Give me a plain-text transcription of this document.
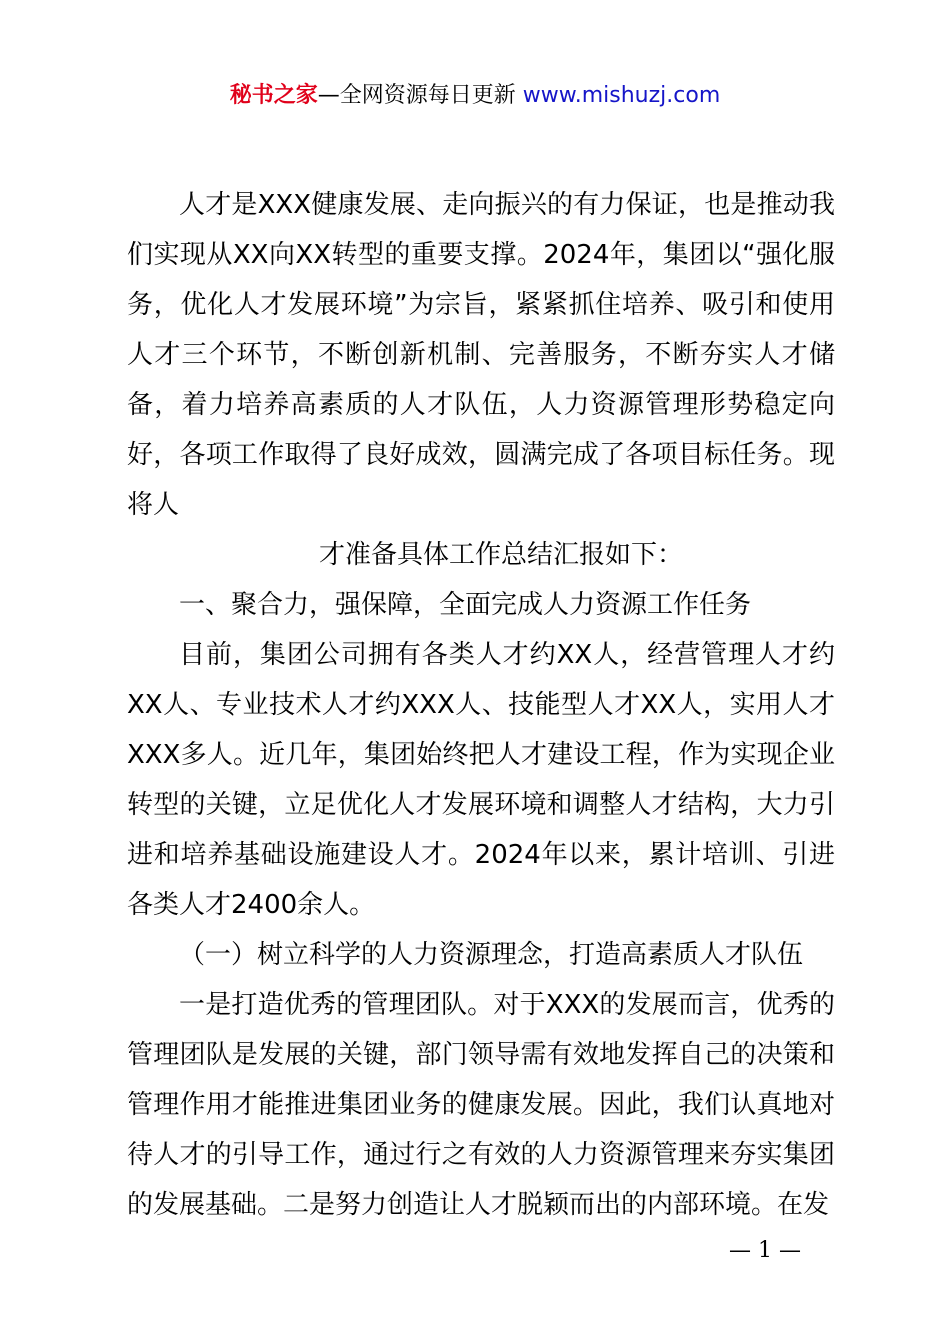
秘书之家—全网资源每日更新 www.mishuzj.com

人才是XXX健康发展、走向振兴的有力保证，也是推动我们实现从XX向XX转型的重要支撑。2024年，集团以“强化服务，优化人才发展环境”为宗旨，紧紧抓住培养、吸引和使用人才三个环节，不断创新机制、完善服务，不断夯实人才储备，着力培养高素质的人才队伍，人力资源管理形势稳定向好，各项工作取得了良好成效，圆满完成了各项目标任务。现将人

才准备具体工作总结汇报如下：

一、聚合力，强保障，全面完成人力资源工作任务

目前，集团公司拥有各类人才约XX人，经营管理人才约XX人、专业技术人才约XXX人、技能型人才XX人，实用人才XXX多人。近几年，集团始终把人才建设工程，作为实现企业转型的关键，立足优化人才发展环境和调整人才结构，大力引进和培养基础设施建设人才。2024年以来，累计培训、引进各类人才2400余人。

（一）树立科学的人力资源理念，打造高素质人才队伍

一是打造优秀的管理团队。对于XXX的发展而言，优秀的管理团队是发展的关键，部门领导需有效地发挥自己的决策和管理作用才能推进集团业务的健康发展。因此，我们认真地对待人才的引导工作，通过行之有效的人力资源管理来夯实集团的发展基础。二是努力创造让人才脱颖而出的内部环境。在发

— 1 —
